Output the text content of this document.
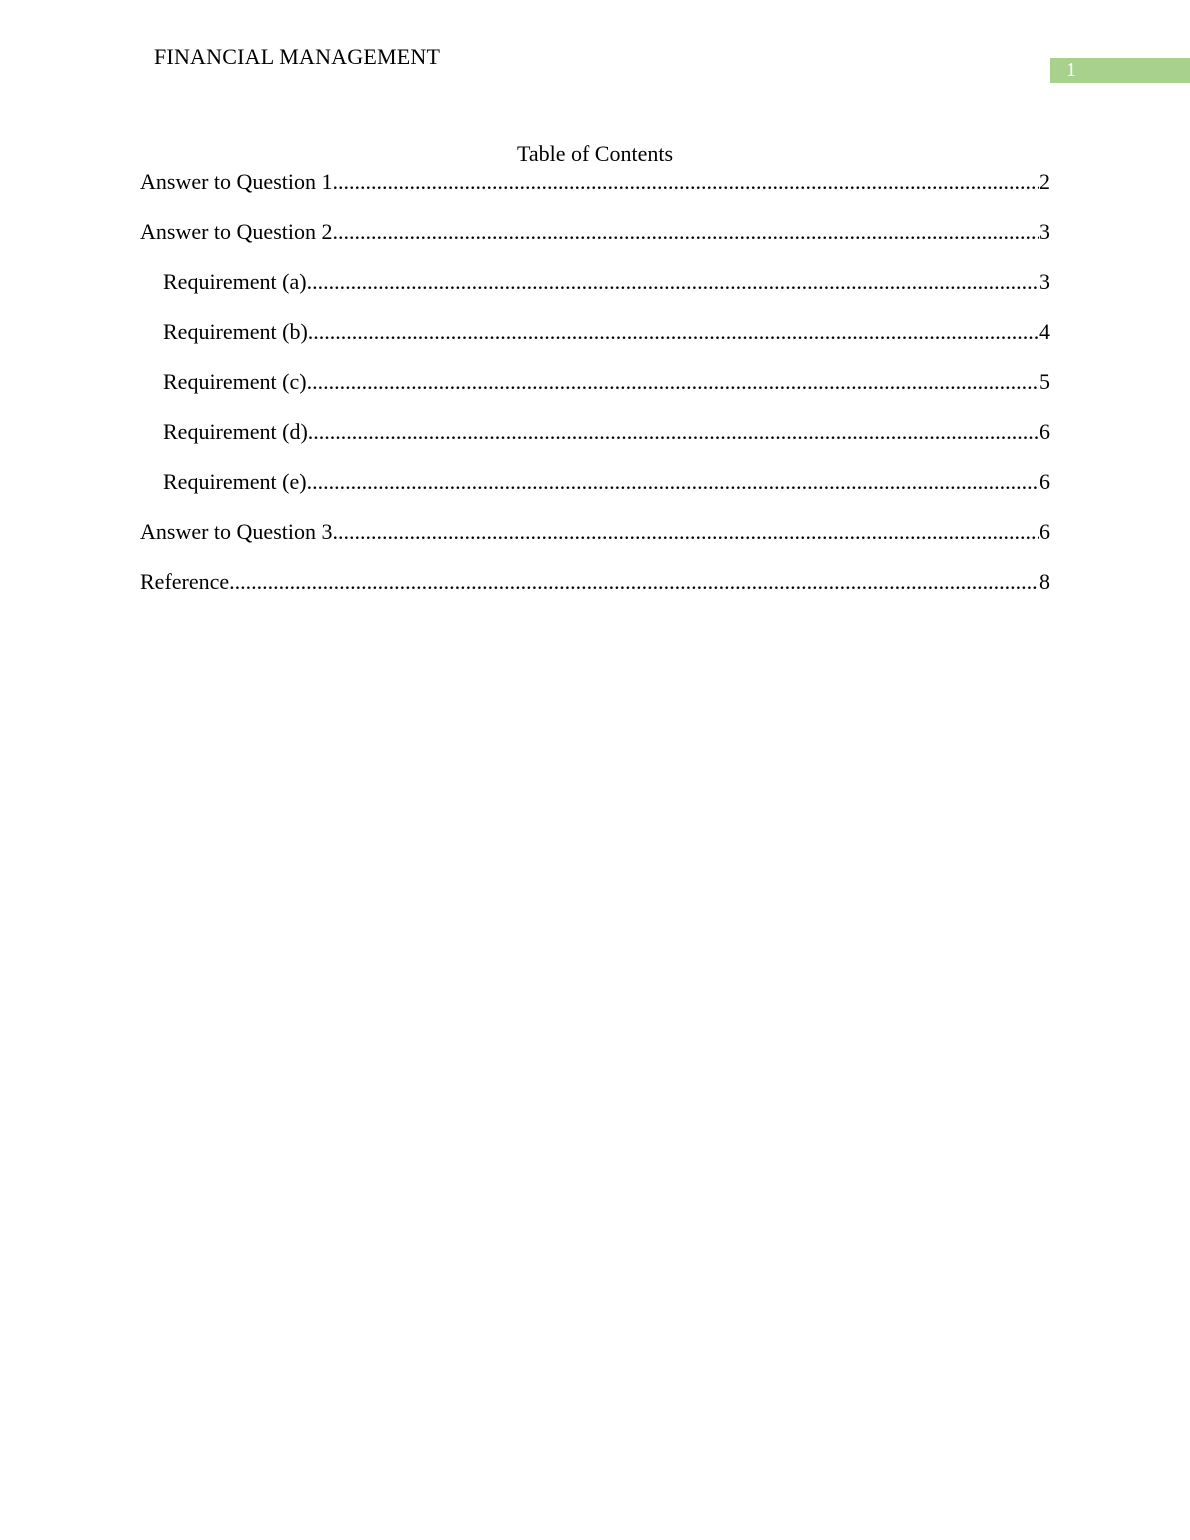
FINANCIAL MANAGEMENT
1
Table of Contents
Answer to Question 1 .....	2
Answer to Question 2 .....	3
Requirement (a) .....	3
Requirement (b) .....	4
Requirement (c) .....	5
Requirement (d) .....	6
Requirement (e) .....	6
Answer to Question 3 .....	6
Reference .....	8
